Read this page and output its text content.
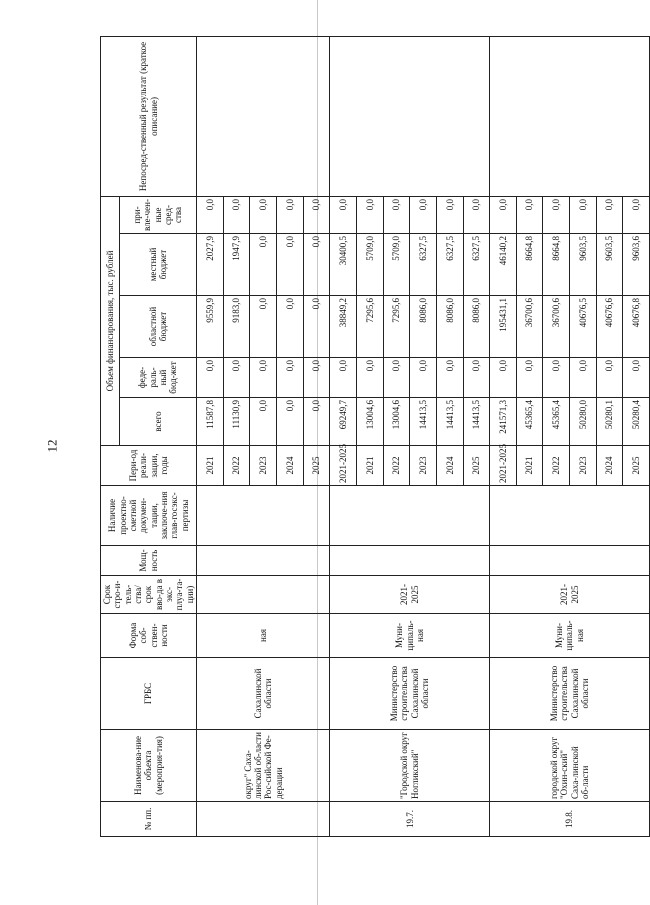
12
№ пп.	Наименова-ние объекта (мероприя-тия)	ГРБС	Форма соб-ствен-ности	Срок стро-и-тель-ства/срок вво-да в экс-плуа-та-ции)	Мощ-ность	Наличие проектно-сметной докумен-тации, заключе-ния глав-госэкс-пертизы	Пери-од реали-зации, годы	Объем финансирования, тыс. рублей					Непосред-ственный результат (краткое описание)
								всего	феде-раль-ный бюд-жет	областной бюджет	местный бюджет	при-вле-чен-ные сред-ства	
	округ" Саха-линской об-ласти Рос-сийской Фе-дерации	Сахалинской области	ная				2021	11587,8	0,0	9559,9	2027,9	0,0	
							2022	11130,9	0,0	9183,0	1947,9	0,0	
							2023	0,0	0,0	0,0	0,0	0,0	
							2024	0,0	0,0	0,0	0,0	0,0	
							2025	0,0	0,0	0,0	0,0	0,0	
19.7.	"Городской округ Ногликский"	Министерство строительства Сахалинской области	Муни-ципаль-ная	2021-2025			2021-2025	69249,7	0,0	38849,2	30400,5	0,0	
							2021	13004,6	0,0	7295,6	5709,0	0,0	
							2022	13004,6	0,0	7295,6	5709,0	0,0	
							2023	14413,5	0,0	8086,0	6327,5	0,0	
							2024	14413,5	0,0	8086,0	6327,5	0,0	
							2025	14413,5	0,0	8086,0	6327,5	0,0	
19.8.	городской округ "Охин-ский" Саха-линской об-ласти	Министерство строительства Сахалинской области	Муни-ципаль-ная	2021-2025			2021-2025	241571,3	0,0	195431,1	46140,2	0,0	
							2021	45365,4	0,0	36700,6	8664,8	0,0	
							2022	45365,4	0,0	36700,6	8664,8	0,0	
							2023	50280,0	0,0	40676,5	9603,5	0,0	
							2024	50280,1	0,0	40676,6	9603,5	0,0	
							2025	50280,4	0,0	40676,8	9603,6	0,0	
